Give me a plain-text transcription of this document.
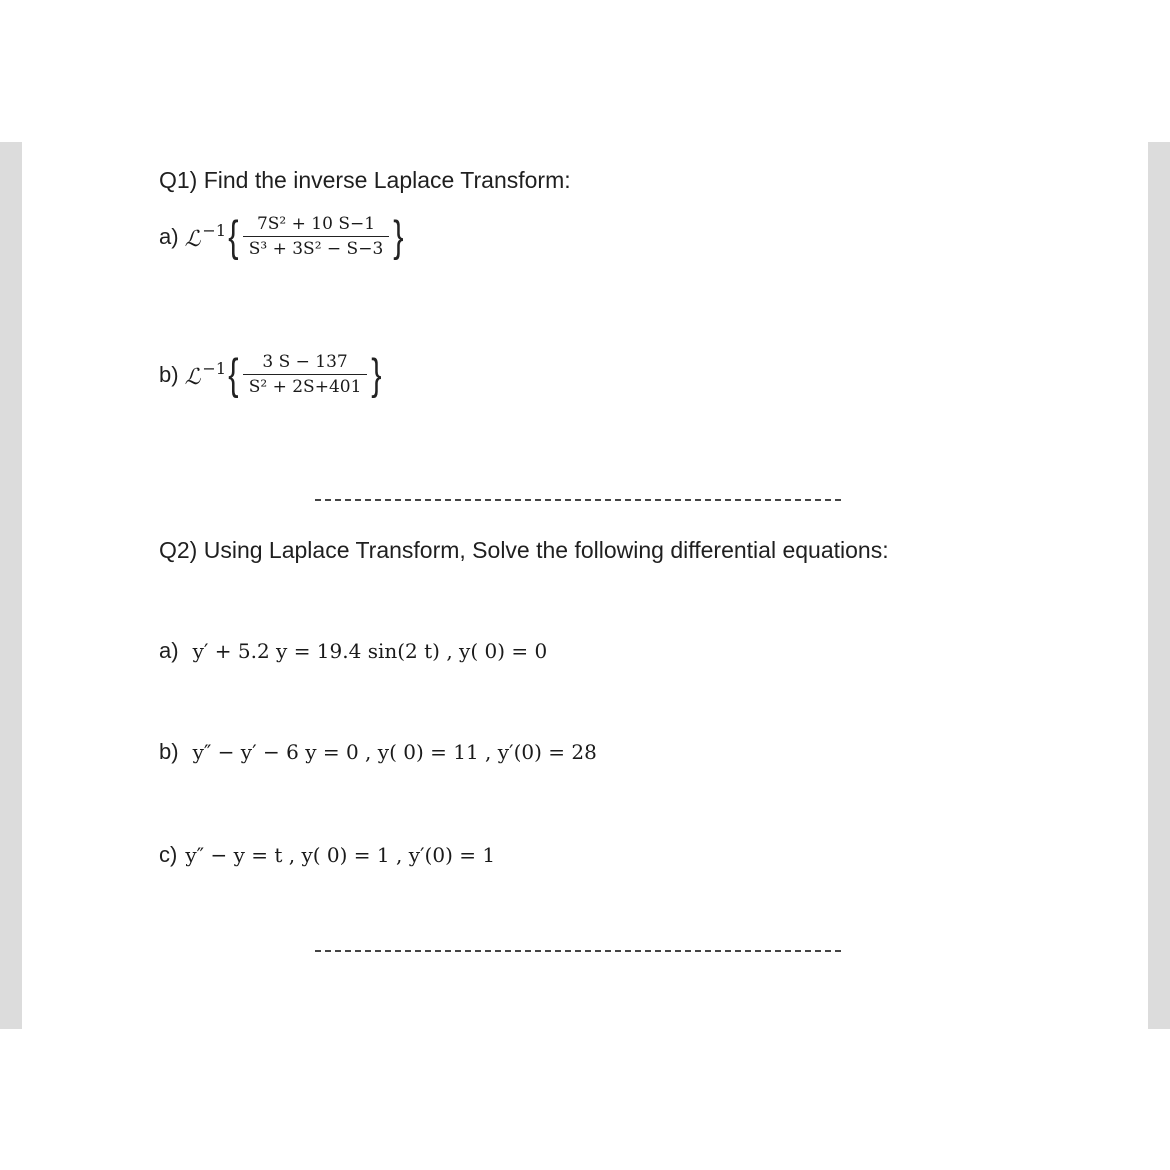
Q1) Find the inverse Laplace Transform:
a) ℒ $^{-1}$ { $\frac{\text{7S² + 10 S−1}}{\text{S³ + 3S² − S−3}}$ }
b) ℒ $^{-1}$ { $\frac{3 S - 137}{\text{S² + 2S+401}}$ }
Q2) Using Laplace Transform, Solve the following differential equations:
a) y′ + 5.2 y = 19.4 sin(2 t) , y( 0) = 0
b) y″ − y′ − 6 y = 0 , y( 0) = 11 , y′(0) = 28
c) y″ − y = t , y( 0) = 1 , y′(0) = 1
